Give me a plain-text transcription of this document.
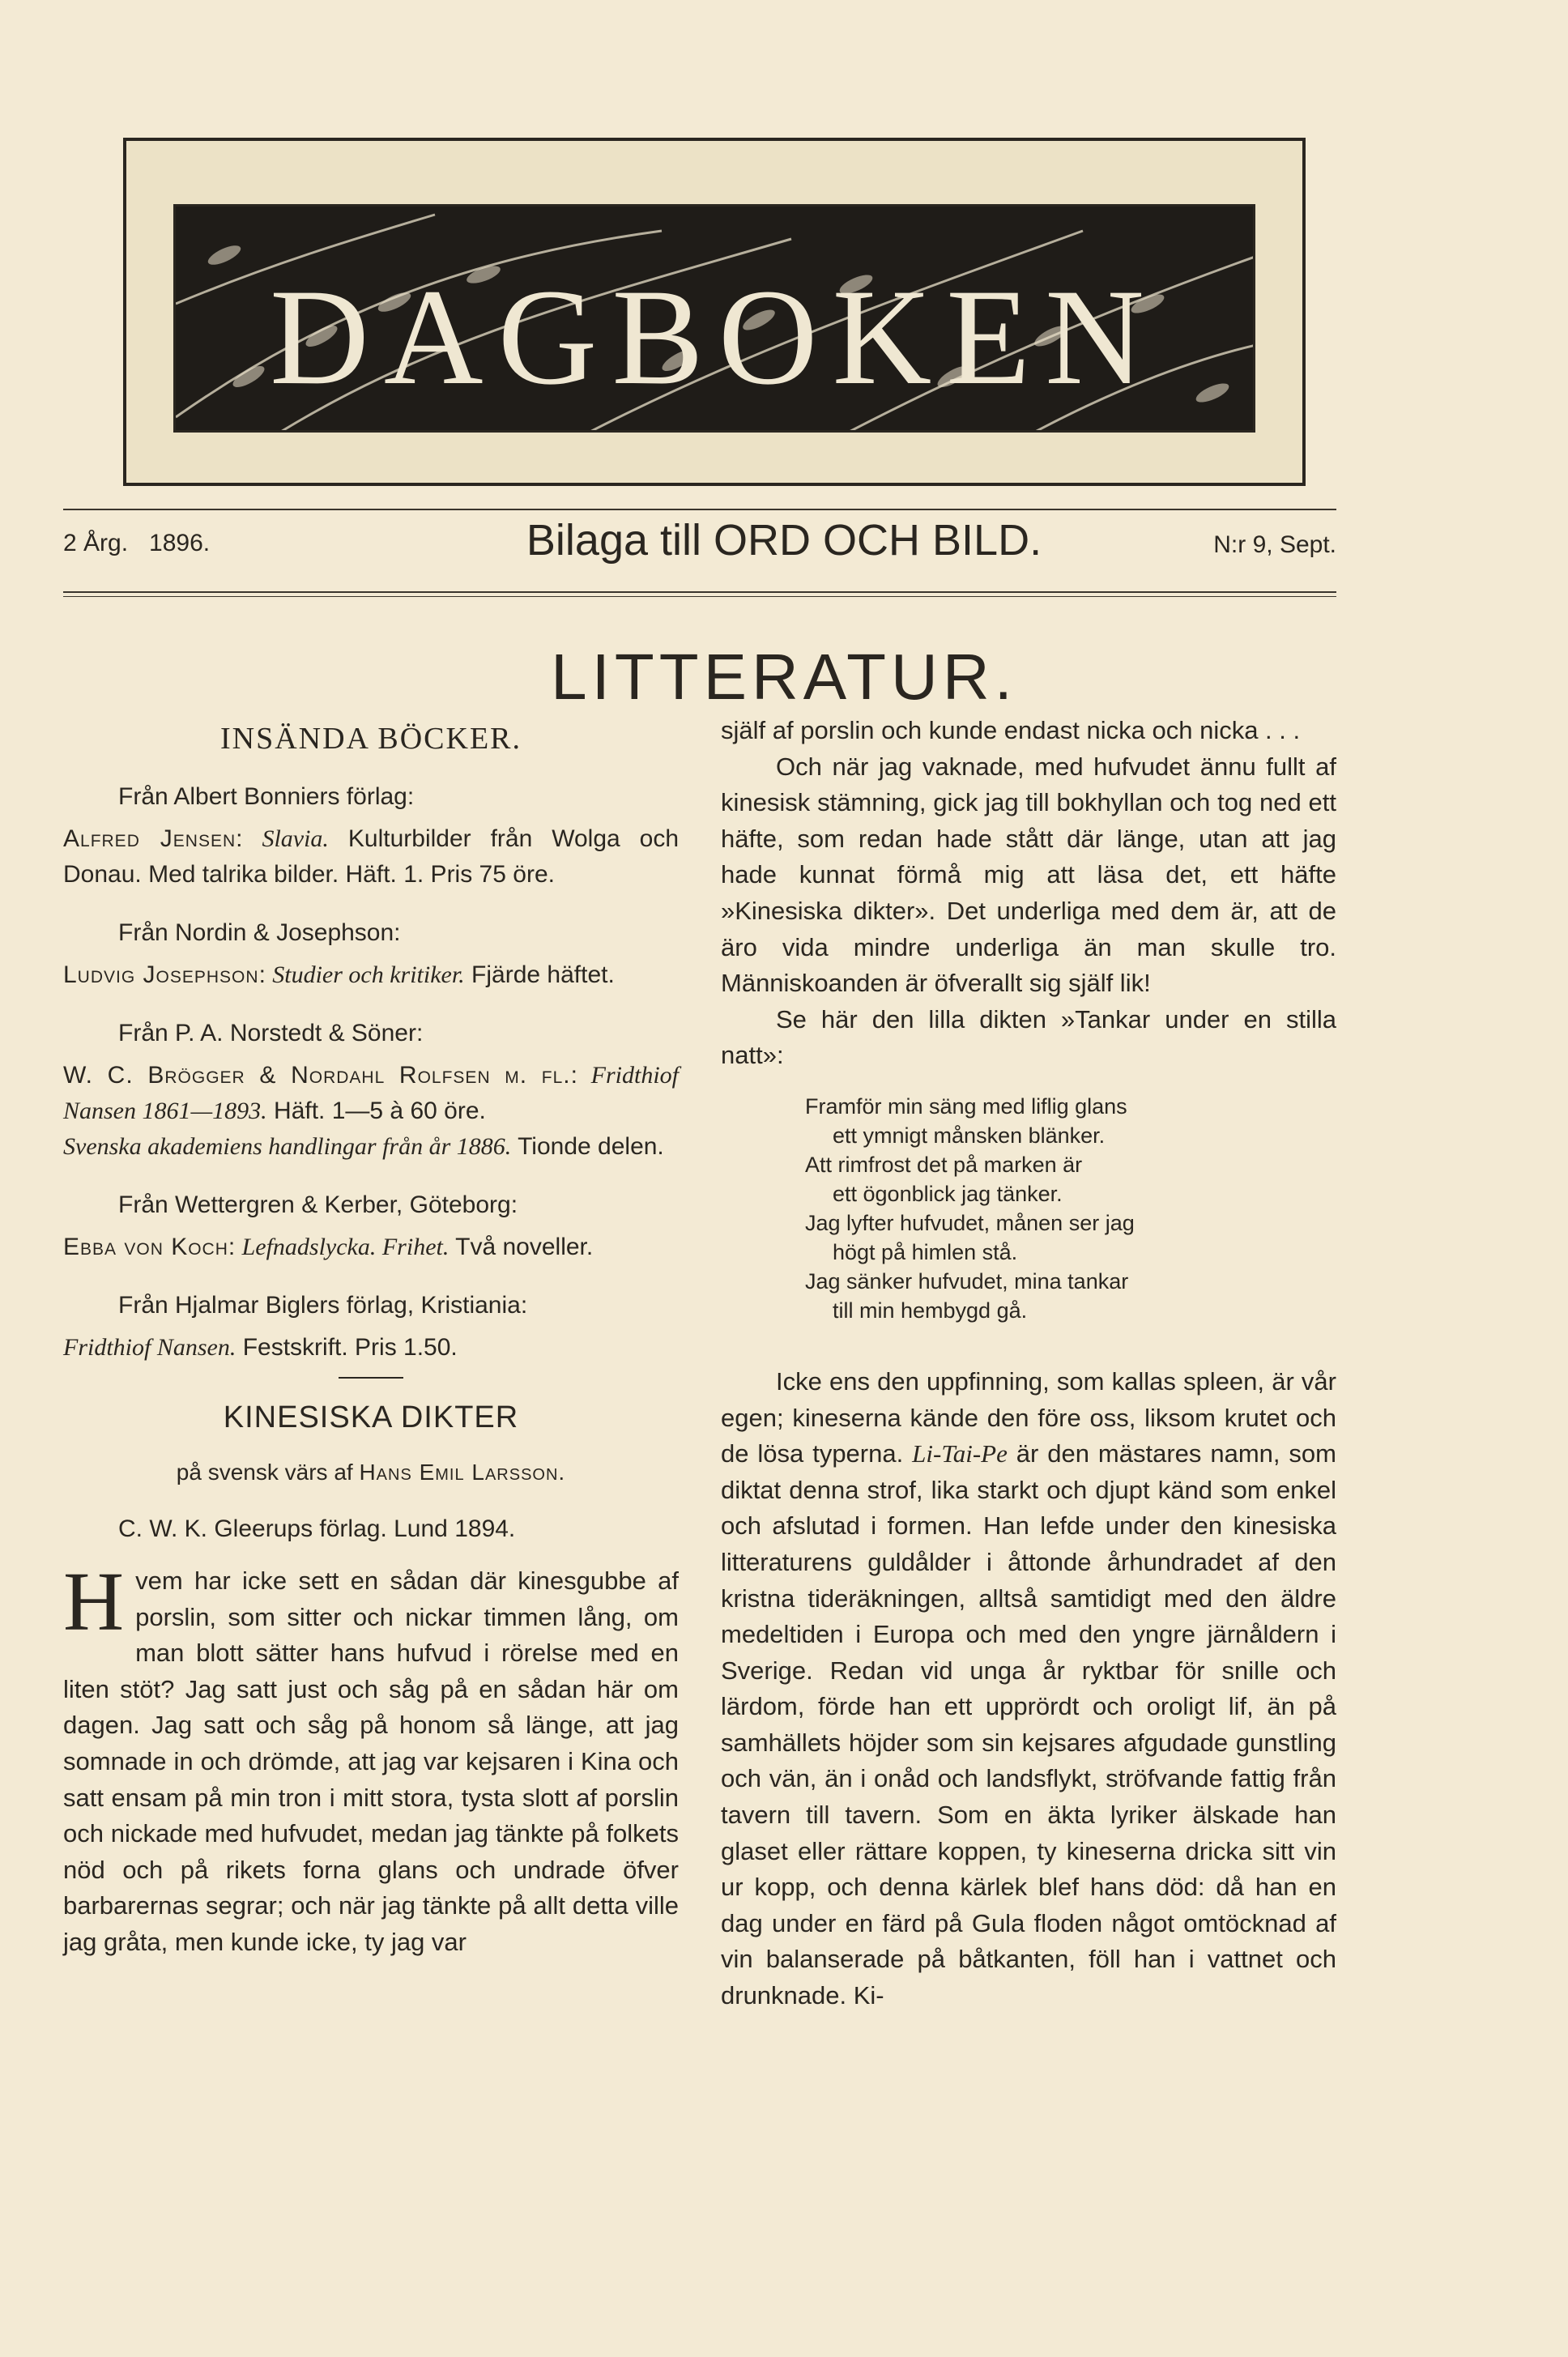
DAGBOKEN
2 Årg. 1896.	Bilaga till ORD OCH BILD.	N:r 9, Sept.
LITTERATUR.

INSÄNDA BÖCKER.

Från Albert Bonniers förlag:

Alfred Jensen: Slavia. Kulturbilder från Wolga och Donau. Med talrika bilder. Häft. 1. Pris 75 öre.

Från Nordin & Josephson:

Ludvig Josephson: Studier och kritiker. Fjärde häftet.

Från P. A. Norstedt & Söner:

W. C. Brögger & Nordahl Rolfsen m. fl.: Fridthiof Nansen 1861—1893. Häft. 1—5 à 60 öre.

Svenska akademiens handlingar från år 1886. Tionde delen.

Från Wettergren & Kerber, Göteborg:

Ebba von Koch: Lefnadslycka. Frihet. Två noveller.

Från Hjalmar Biglers förlag, Kristiania:

Fridthiof Nansen. Festskrift. Pris 1.50.

KINESISKA DIKTER

på svensk värs af Hans Emil Larsson.

C. W. K. Gleerups förlag. Lund 1894.

Hvem har icke sett en sådan där kinesgubbe af porslin, som sitter och nickar timmen lång, om man blott sätter hans hufvud i rörelse med en liten stöt? Jag satt just och såg på en sådan här om dagen. Jag satt och såg på honom så länge, att jag somnade in och drömde, att jag var kejsaren i Kina och satt ensam på min tron i mitt stora, tysta slott af porslin och nickade med hufvudet, medan jag tänkte på folkets nöd och på rikets forna glans och undrade öfver barbarernas segrar; och när jag tänkte på allt detta ville jag gråta, men kunde icke, ty jag var

själf af porslin och kunde endast nicka och nicka . . .

Och när jag vaknade, med hufvudet ännu fullt af kinesisk stämning, gick jag till bokhyllan och tog ned ett häfte, som redan hade stått där länge, utan att jag hade kunnat förmå mig att läsa det, ett häfte »Kinesiska dikter». Det underliga med dem är, att de äro vida mindre underliga än man skulle tro. Människoanden är öfverallt sig själf lik!

Se här den lilla dikten »Tankar under en stilla natt»:

Framför min säng med liflig glans
ett ymnigt månsken blänker.
Att rimfrost det på marken är
ett ögonblick jag tänker.
Jag lyfter hufvudet, månen ser jag
högt på himlen stå.
Jag sänker hufvudet, mina tankar
till min hembygd gå.

Icke ens den uppfinning, som kallas spleen, är vår egen; kineserna kände den före oss, liksom krutet och de lösa typerna. Li-Tai-Pe är den mästares namn, som diktat denna strof, lika starkt och djupt känd som enkel och afslutad i formen. Han lefde under den kinesiska litteraturens guldålder i åttonde århundradet af den kristna tideräkningen, alltså samtidigt med den äldre medeltiden i Europa och med den yngre järnåldern i Sverige. Redan vid unga år ryktbar för snille och lärdom, förde han ett upprördt och oroligt lif, än på samhällets höjder som sin kejsares afgudade gunstling och vän, än i onåd och landsflykt, ströfvande fattig från tavern till tavern. Som en äkta lyriker älskade han glaset eller rättare koppen, ty kineserna dricka sitt vin ur kopp, och denna kärlek blef hans död: då han en dag under en färd på Gula floden något omtöcknad af vin balanserade på båtkanten, föll han i vattnet och drunknade. Ki-
